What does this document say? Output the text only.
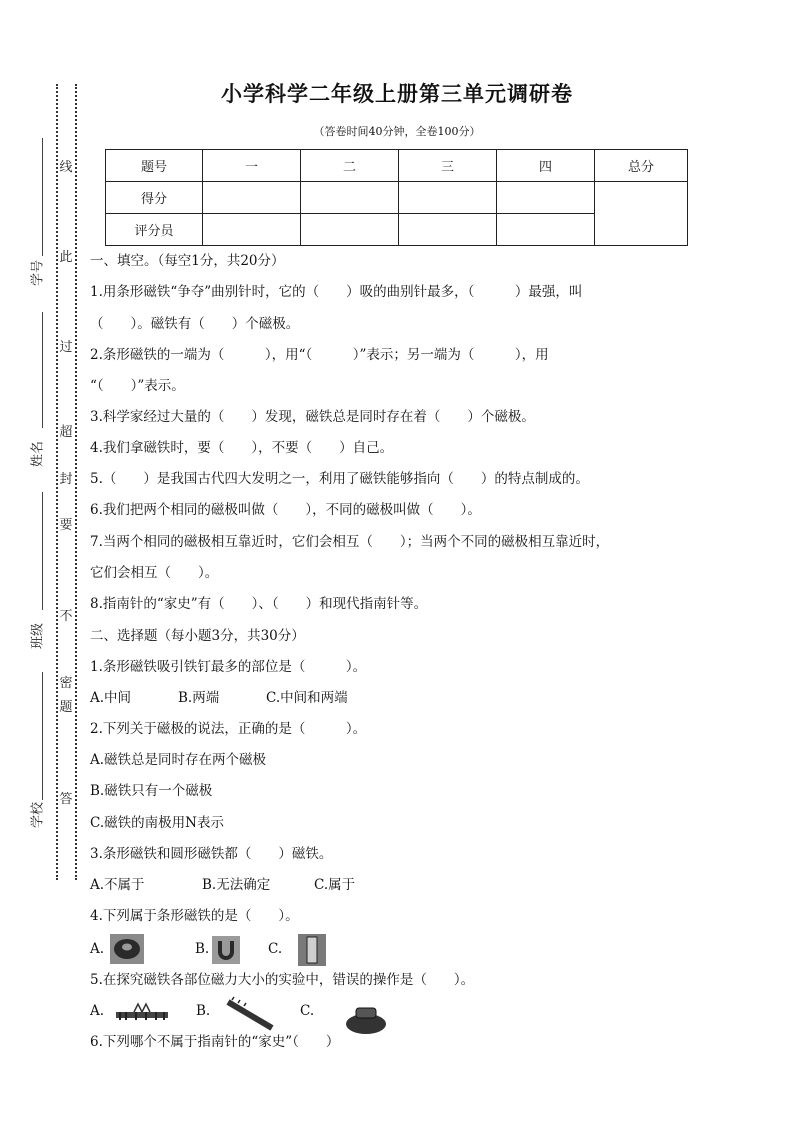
线
此
过
超
封
要
不
密
题
答
学号
姓名
班级
学校
小学科学二年级上册第三单元调研卷
（答卷时间40分钟，全卷100分）
题号	一	二	三	四	总分
得分					
评分员					
一、填空。（每空1分，共20分）
1.用条形磁铁“争夺”曲别针时，它的（　　）吸的曲别针最多，（　　　）最强，叫
（　　）。磁铁有（　　）个磁极。
2.条形磁铁的一端为（　　　），用“（　　　）”表示；另一端为（　　　），用
“（　　）”表示。
3.科学家经过大量的（　　）发现，磁铁总是同时存在着（　　）个磁极。
4.我们拿磁铁时，要（　　），不要（　　）自己。
5.（　　）是我国古代四大发明之一，利用了磁铁能够指向（　　）的特点制成的。
6.我们把两个相同的磁极叫做（　　），不同的磁极叫做（　　）。
7.当两个相同的磁极相互靠近时，它们会相互（　　）；当两个不同的磁极相互靠近时，
它们会相互（　　）。
8.指南针的“家史”有（　　）、（　　）和现代指南针等。
二、选择题（每小题3分，共30分）
1.条形磁铁吸引铁钉最多的部位是（　　　）。
A.中间	B.两端	C.中间和两端
2.下列关于磁极的说法，正确的是（　　　）。
A.磁铁总是同时存在两个磁极
B.磁铁只有一个磁极
C.磁铁的南极用N表示
3.条形磁铁和圆形磁铁都（　　）磁铁。
A.不属于	B.无法确定	C.属于
4.下列属于条形磁铁的是（　　）。
A.	B.	C.
5.在探究磁铁各部位磁力大小的实验中，错误的操作是（　　）。
A.	B.	C.
6.下列哪个不属于指南针的“家史”（　　）
